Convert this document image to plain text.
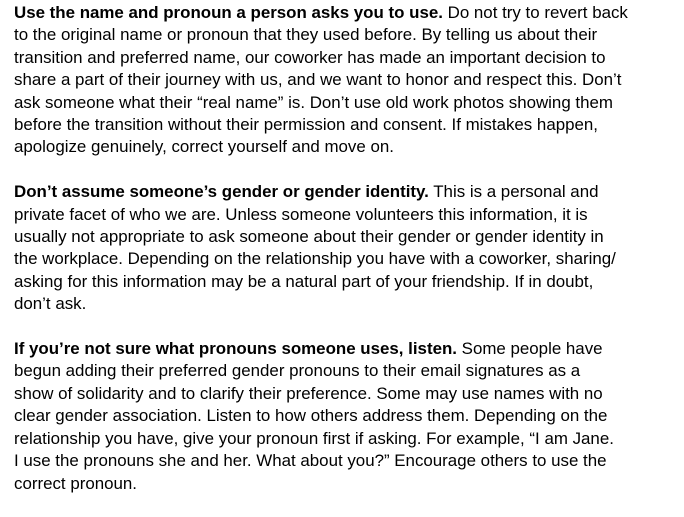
Use the name and pronoun a person asks you to use. Do not try to revert back
to the original name or pronoun that they used before. By telling us about their
transition and preferred name, our coworker has made an important decision to
share a part of their journey with us, and we want to honor and respect this. Don’t
ask someone what their “real name” is. Don’t use old work photos showing them
before the transition without their permission and consent. If mistakes happen,
apologize genuinely, correct yourself and move on.

Don’t assume someone’s gender or gender identity. This is a personal and
private facet of who we are. Unless someone volunteers this information, it is
usually not appropriate to ask someone about their gender or gender identity in
the workplace. Depending on the relationship you have with a coworker, sharing/
asking for this information may be a natural part of your friendship. If in doubt,
don’t ask.

If you’re not sure what pronouns someone uses, listen. Some people have
begun adding their preferred gender pronouns to their email signatures as a
show of solidarity and to clarify their preference. Some may use names with no
clear gender association. Listen to how others address them. Depending on the
relationship you have, give your pronoun first if asking. For example, “I am Jane.
I use the pronouns she and her. What about you?” Encourage others to use the
correct pronoun.
